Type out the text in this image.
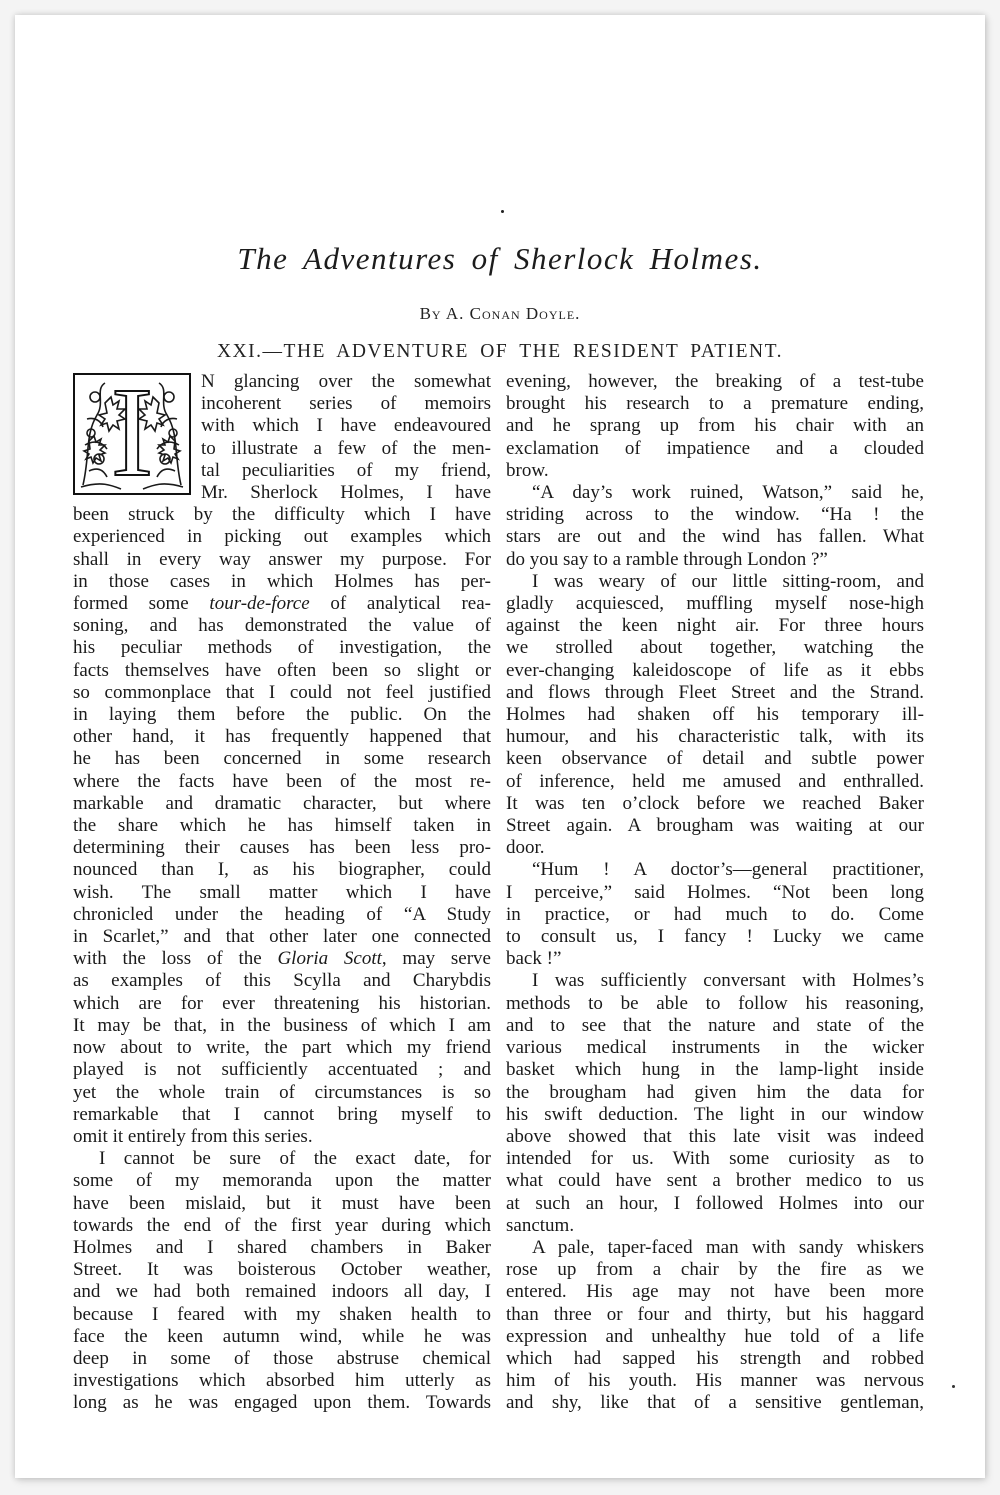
The Adventures of Sherlock Holmes.
By A. Conan Doyle.
XXI.—THE ADVENTURE OF THE RESIDENT PATIENT.
I	N glancing over the somewhat
incoherent series of memoirs
with which I have endeavoured
to illustrate a few of the men-
tal peculiarities of my friend,
Mr. Sherlock Holmes, I have
been struck by the difficulty which I have
experienced in picking out examples which
shall in every way answer my purpose. For
in those cases in which Holmes has per-
formed some tour-de-force of analytical rea-
soning, and has demonstrated the value of
his peculiar methods of investigation, the
facts themselves have often been so slight or
so commonplace that I could not feel justified
in laying them before the public. On the
other hand, it has frequently happened that
he has been concerned in some research
where the facts have been of the most re-
markable and dramatic character, but where
the share which he has himself taken in
determining their causes has been less pro-
nounced than I, as his biographer, could
wish. The small matter which I have
chronicled under the heading of “A Study
in Scarlet,” and that other later one connected
with the loss of the Gloria Scott, may serve
as examples of this Scylla and Charybdis
which are for ever threatening his historian.
It may be that, in the business of which I am
now about to write, the part which my friend
played is not sufficiently accentuated ; and
yet the whole train of circumstances is so
remarkable that I cannot bring myself to
omit it entirely from this series.
I cannot be sure of the exact date, for
some of my memoranda upon the matter
have been mislaid, but it must have been
towards the end of the first year during which
Holmes and I shared chambers in Baker
Street. It was boisterous October weather,
and we had both remained indoors all day, I
because I feared with my shaken health to
face the keen autumn wind, while he was
deep in some of those abstruse chemical
investigations which absorbed him utterly as
long as he was engaged upon them. Towards
evening, however, the breaking of a test-tube
brought his research to a premature ending,
and he sprang up from his chair with an
exclamation of impatience and a clouded
brow.
“A day’s work ruined, Watson,” said he,
striding across to the window. “Ha ! the
stars are out and the wind has fallen. What
do you say to a ramble through London ?”
I was weary of our little sitting-room, and
gladly acquiesced, muffling myself nose-high
against the keen night air. For three hours
we strolled about together, watching the
ever-changing kaleidoscope of life as it ebbs
and flows through Fleet Street and the Strand.
Holmes had shaken off his temporary ill-
humour, and his characteristic talk, with its
keen observance of detail and subtle power
of inference, held me amused and enthralled.
It was ten o’clock before we reached Baker
Street again. A brougham was waiting at our
door.
“Hum ! A doctor’s—general practitioner,
I perceive,” said Holmes. “Not been long
in practice, or had much to do. Come
to consult us, I fancy ! Lucky we came
back !”
I was sufficiently conversant with Holmes’s
methods to be able to follow his reasoning,
and to see that the nature and state of the
various medical instruments in the wicker
basket which hung in the lamp-light inside
the brougham had given him the data for
his swift deduction. The light in our window
above showed that this late visit was indeed
intended for us. With some curiosity as to
what could have sent a brother medico to us
at such an hour, I followed Holmes into our
sanctum.
A pale, taper-faced man with sandy whiskers
rose up from a chair by the fire as we
entered. His age may not have been more
than three or four and thirty, but his haggard
expression and unhealthy hue told of a life
which had sapped his strength and robbed
him of his youth. His manner was nervous
and shy, like that of a sensitive gentleman,
